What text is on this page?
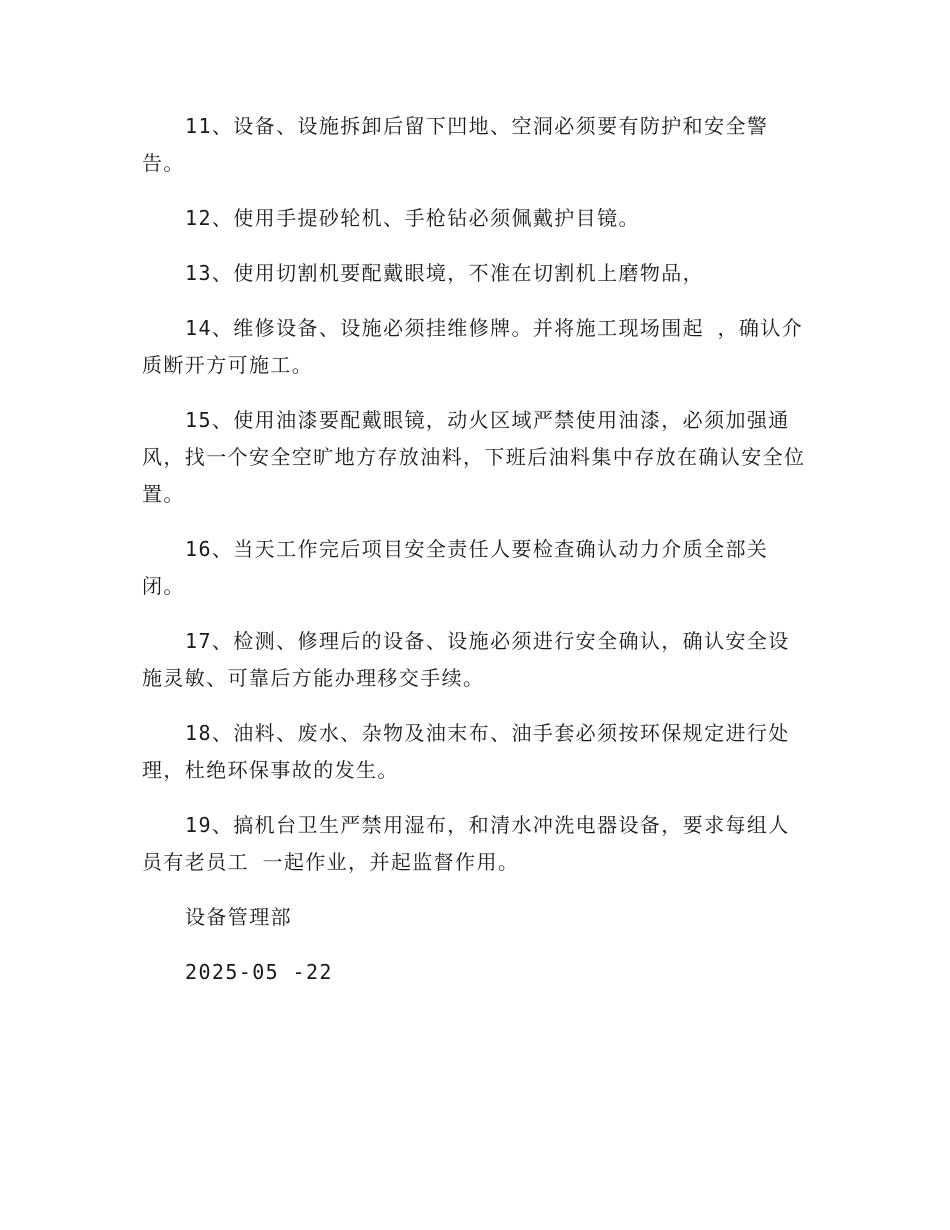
11、设备、设施拆卸后留下凹地、空洞必须要有防护和安全警告。

12、使用手提砂轮机、手枪钻必须佩戴护目镜。

13、使用切割机要配戴眼境，不准在切割机上磨物品，

14、维修设备、设施必须挂维修牌。并将施工现场围起 ，确认介质断开方可施工。

15、使用油漆要配戴眼镜，动火区域严禁使用油漆，必须加强通风，找一个安全空旷地方存放油料，下班后油料集中存放在确认安全位置。

16、当天工作完后项目安全责任人要检查确认动力介质全部关闭。

17、检测、修理后的设备、设施必须进行安全确认，确认安全设施灵敏、可靠后方能办理移交手续。

18、油料、废水、杂物及油末布、油手套必须按环保规定进行处理，杜绝环保事故的发生。

19、搞机台卫生严禁用湿布，和清水冲洗电器设备，要求每组人员有老员工 一起作业，并起监督作用。

设备管理部

2025-05 -22
